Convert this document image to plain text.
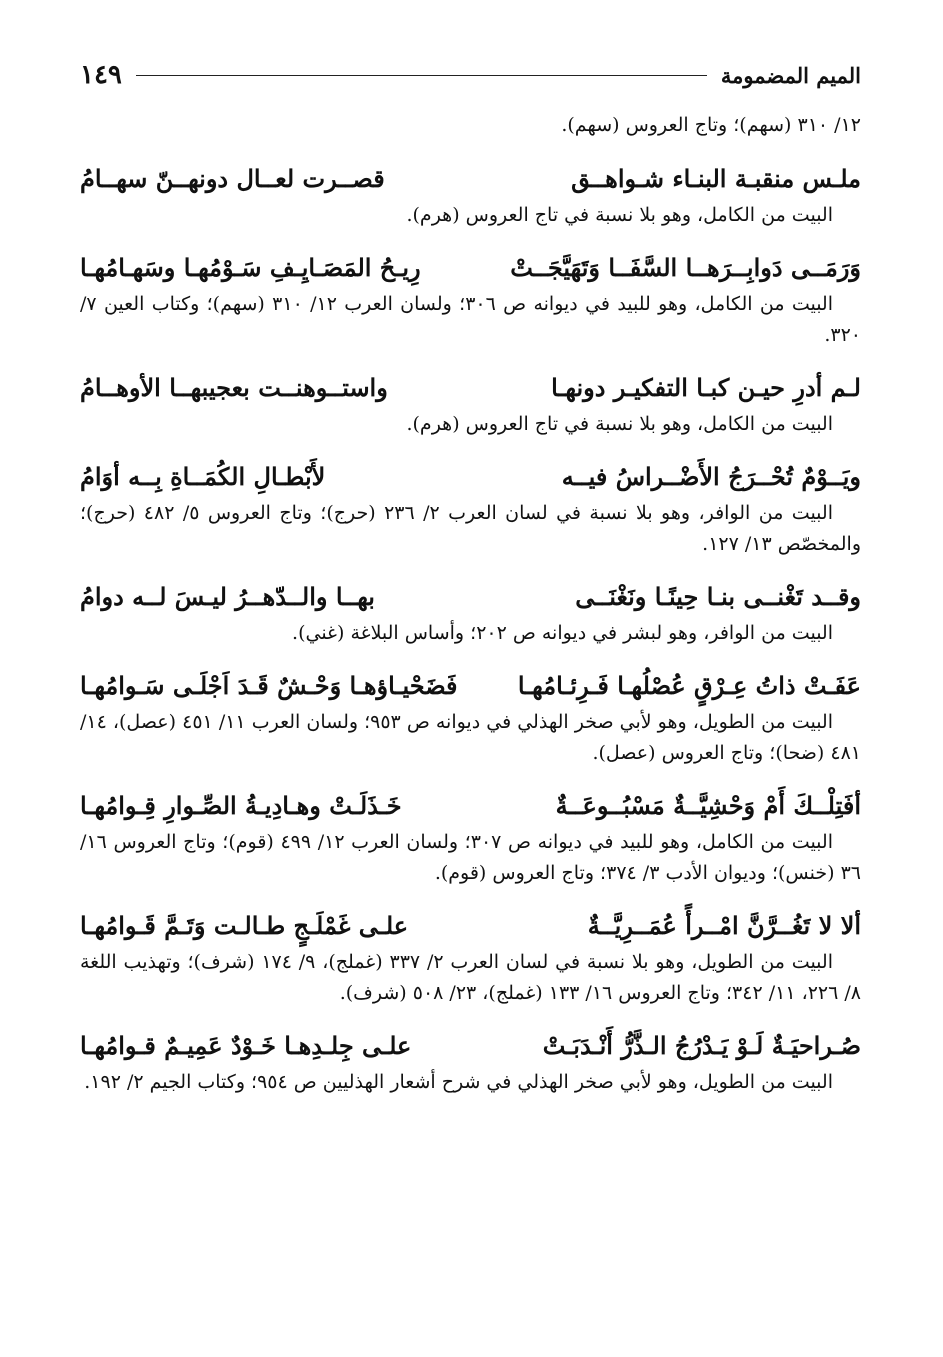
الميم المضمومة
١٤٩

١٢/ ٣١٠ (سهم)؛ وتاج العروس (سهم).

ملـس منقبـة البنـاء شـواهــق
قصــرت لعــال دونهــنّ سهــامُ

البيت من الكامل، وهو بلا نسبة في تاج العروس (هرم).

وَرَمَــى دَوابِــرَهــا السَّفَــا وَتَهَيَّجَــتْ
رِيـحُ المَصَـايِـفِ سَـوْمُهـا وسَهـامُهـا

البيت من الكامل، وهو للبيد في ديوانه ص ٣٠٦؛ ولسان العرب ١٢/ ٣١٠ (سهم)؛ وكتاب العين ٧/ ٣٢٠.

لـم أدرِ حيـن كبـا التفكيـر دونهـا
واستــوهنــت بعجيبهــا الأوهــامُ

البيت من الكامل، وهو بلا نسبة في تاج العروس (هرم).

ويَــوْمٌ تُحْــرَجُ الأَضْــراسُ فيــه
لأَبْطـالِ الكُمَــاةِ بِــه أوَامُ

البيت من الوافر، وهو بلا نسبة في لسان العرب ٢/ ٢٣٦ (حرج)؛ وتاج العروس ٥/ ٤٨٢ (حرج)؛ والمخصّص ١٣/ ١٢٧.

وقــد تَغْنــى بنـا حِينًـا ونَغْنَــى
بهــا والــدّهــرُ ليـسَ لــه دوامُ

البيت من الوافر، وهو لبشر في ديوانه ص ٢٠٢؛ وأساس البلاغة (غني).

عَفَـتْ ذاتُ عِـرْقٍ عُصْلُهـا فَـرِئـامُهـا
فَضَحْيـاؤهـا وَحْـشٌ قَـدَ اَجْلَـى سَـوامُهـا

البيت من الطويل، وهو لأبي صخر الهذلي في ديوانه ص ٩٥٣؛ ولسان العرب ١١/ ٤٥١ (عصل)، ١٤/ ٤٨١ (ضحا)؛ وتاج العروس (عصل).

أفَتِلْــكَ أَمْ وَحْشِيَّــةٌ مَسْبُــوعَــةٌ
خَـذَلَـتْ وهـادِيـةُ الصِّـوارِ قِـوامُهـا

البيت من الكامل، وهو للبيد في ديوانه ص ٣٠٧؛ ولسان العرب ١٢/ ٤٩٩ (قوم)؛ وتاج العروس ١٦/ ٣٦ (خنس)؛ وديوان الأدب ٣/ ٣٧٤؛ وتاج العروس (قوم).

ألا لا تَغُــرَّنَّ امْــرأً عُمَــرِيَّــةٌ
علـى غَمْلَـجٍ طـالـت وَتَـمَّ قَـوامُهـا

البيت من الطويل، وهو بلا نسبة في لسان العرب ٢/ ٣٣٧ (غملج)، ٩/ ١٧٤ (شرف)؛ وتهذيب اللغة ٨/ ٢٢٦، ١١/ ٣٤٢؛ وتاج العروس ١٦/ ١٣٣ (غملج)، ٢٣/ ٥٠٨ (شرف).

صُـراحيَـةٌ لَـوْ يَـدْرُجُ الـذَّرُّ أَنْـدَبَـتْ
علـى جِلـدِهـا خَـوْدٌ عَمِيـمٌ قـوامُهـا

البيت من الطويل، وهو لأبي صخر الهذلي في شرح أشعار الهذليين ص ٩٥٤؛ وكتاب الجيم ٢/ ١٩٢.
